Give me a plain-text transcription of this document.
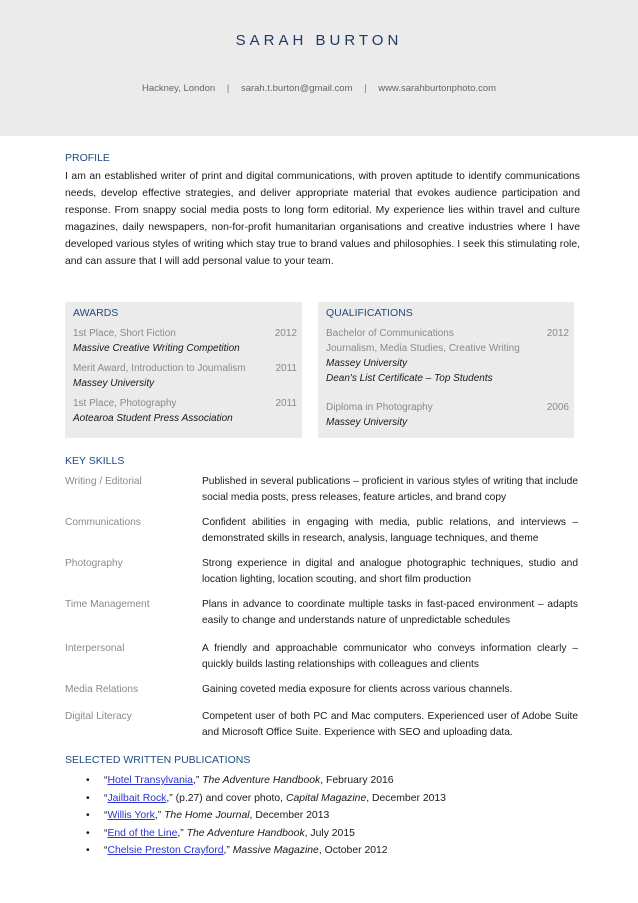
SARAH BURTON
Hackney, London | sarah.t.burton@gmail.com | www.sarahburtonphoto.com
PROFILE
I am an established writer of print and digital communications, with proven aptitude to identify communications needs, develop effective strategies, and deliver appropriate material that evokes audience participation and response. From snappy social media posts to long form editorial. My experience lies within travel and culture magazines, daily newspapers, non-for-profit humanitarian organisations and creative industries where I have developed various styles of writing which stay true to brand values and philosophies. I seek this stimulating role, and can assure that I will add personal value to your team.
AWARDS
1st Place, Short Fiction
Massive Creative Writing Competition
2012
Merit Award, Introduction to Journalism
Massey University
2011
1st Place, Photography
Aotearoa Student Press Association
2011
QUALIFICATIONS
Bachelor of Communications
Journalism, Media Studies, Creative Writing
Massey University
Dean's List Certificate – Top Students
2012
Diploma in Photography
Massey University
2006
KEY SKILLS
Writing / Editorial	Published in several publications – proficient in various styles of writing that include social media posts, press releases, feature articles, and brand copy
Communications	Confident abilities in engaging with media, public relations, and interviews – demonstrated skills in research, analysis, language techniques, and theme
Photography	Strong experience in digital and analogue photographic techniques, studio and location lighting, location scouting, and short film production
Time Management	Plans in advance to coordinate multiple tasks in fast-paced environment – adapts easily to change and understands nature of unpredictable schedules
Interpersonal	A friendly and approachable communicator who conveys information clearly – quickly builds lasting relationships with colleagues and clients
Media Relations	Gaining coveted media exposure for clients across various channels.
Digital Literacy	Competent user of both PC and Mac computers. Experienced user of Adobe Suite and Microsoft Office Suite. Experience with SEO and uploading data.
SELECTED WRITTEN PUBLICATIONS
• “Hotel Transylvania,” The Adventure Handbook, February 2016
• “Jailbait Rock,” (p.27) and cover photo, Capital Magazine, December 2013
• “Willis York,” The Home Journal, December 2013
• “End of the Line,” The Adventure Handbook, July 2015
• “Chelsie Preston Crayford,” Massive Magazine, October 2012
